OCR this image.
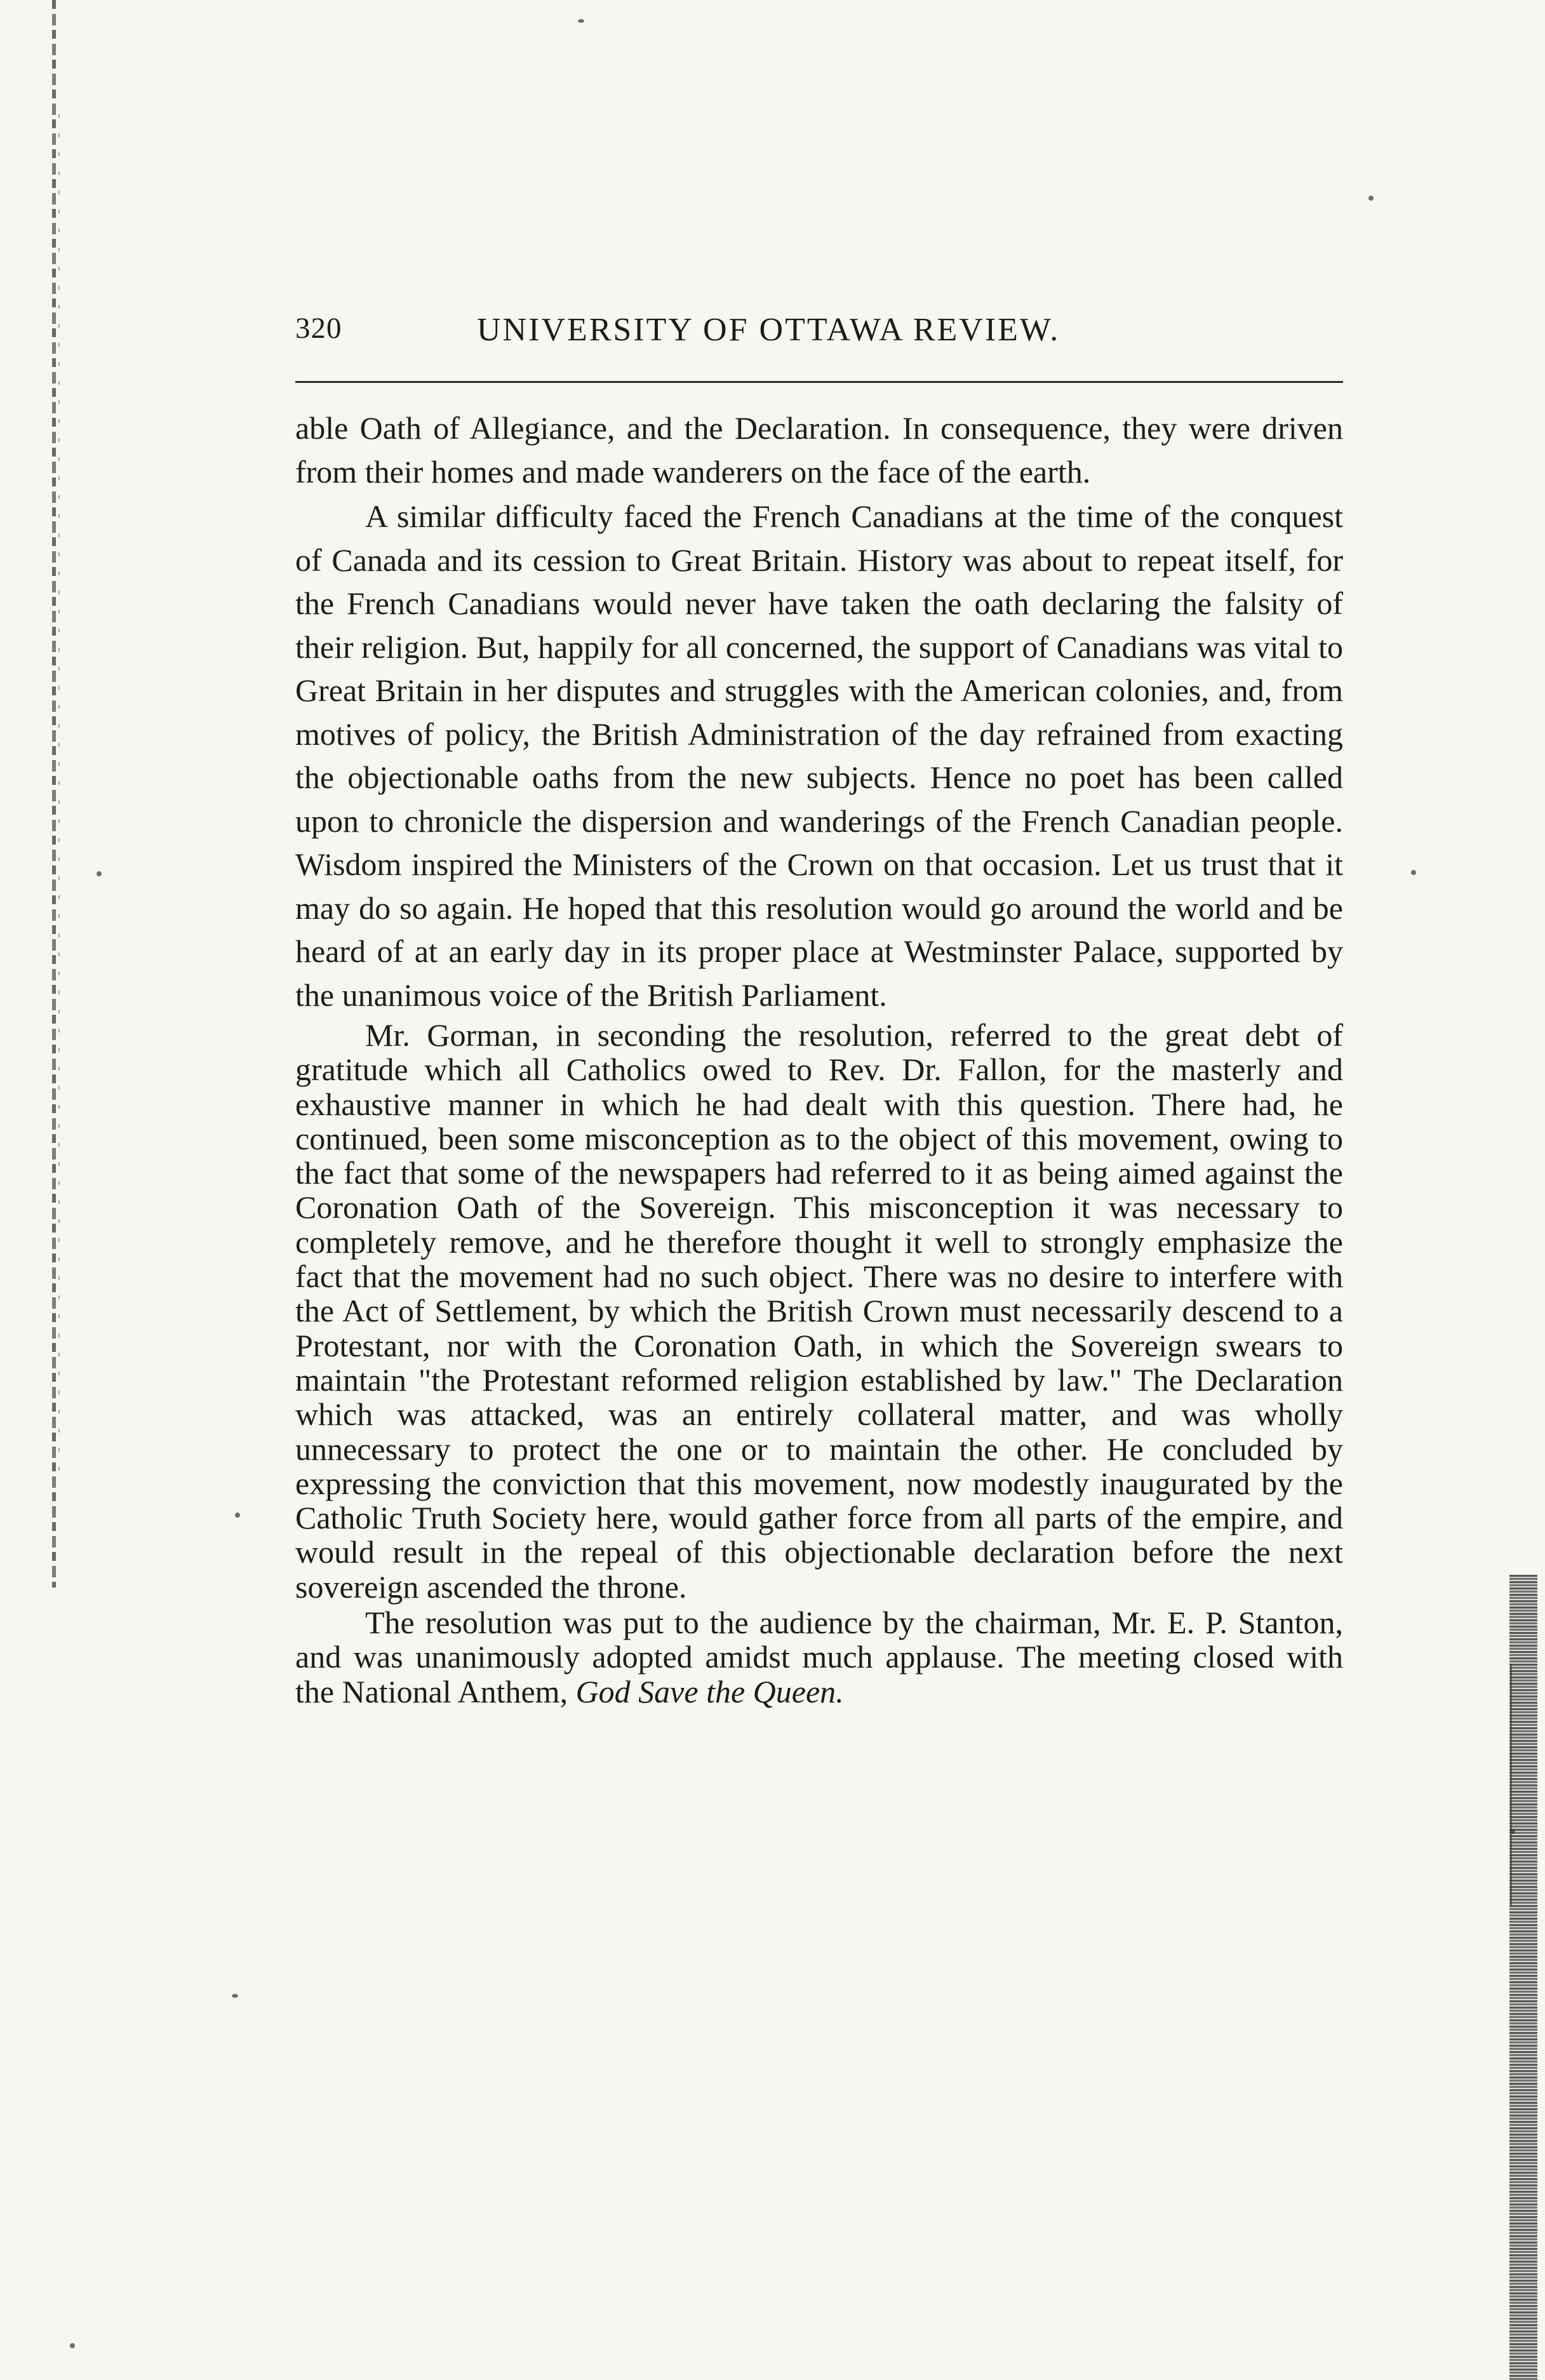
320	UNIVERSITY OF OTTAWA REVIEW.

able Oath of Allegiance, and the Declaration. In consequence, they were driven from their homes and made wanderers on the face of the earth.

A similar difficulty faced the French Canadians at the time of the conquest of Canada and its cession to Great Britain. History was about to repeat itself, for the French Canadians would never have taken the oath declaring the falsity of their religion. But, happily for all concerned, the support of Canadians was vital to Great Britain in her disputes and struggles with the American colonies, and, from motives of policy, the British Administration of the day refrained from exacting the objectionable oaths from the new subjects. Hence no poet has been called upon to chronicle the dispersion and wanderings of the French Canadian people. Wisdom inspired the Ministers of the Crown on that occasion. Let us trust that it may do so again. He hoped that this resolution would go around the world and be heard of at an early day in its proper place at Westminster Palace, supported by the unanimous voice of the British Parliament.

Mr. Gorman, in seconding the resolution, referred to the great debt of gratitude which all Catholics owed to Rev. Dr. Fallon, for the masterly and exhaustive manner in which he had dealt with this question. There had, he continued, been some misconception as to the object of this movement, owing to the fact that some of the newspapers had referred to it as being aimed against the Coronation Oath of the Sovereign. This misconception it was necessary to completely remove, and he therefore thought it well to strongly emphasize the fact that the movement had no such object. There was no desire to interfere with the Act of Settlement, by which the British Crown must necessarily descend to a Protestant, nor with the Coronation Oath, in which the Sovereign swears to maintain "the Protestant reformed religion established by law." The Declaration which was attacked, was an entirely collateral matter, and was wholly unnecessary to protect the one or to maintain the other. He concluded by expressing the conviction that this movement, now modestly inaugurated by the Catholic Truth Society here, would gather force from all parts of the empire, and would result in the repeal of this objectionable declaration before the next sovereign ascended the throne.

The resolution was put to the audience by the chairman, Mr. E. P. Stanton, and was unanimously adopted amidst much applause. The meeting closed with the National Anthem, God Save the Queen.
